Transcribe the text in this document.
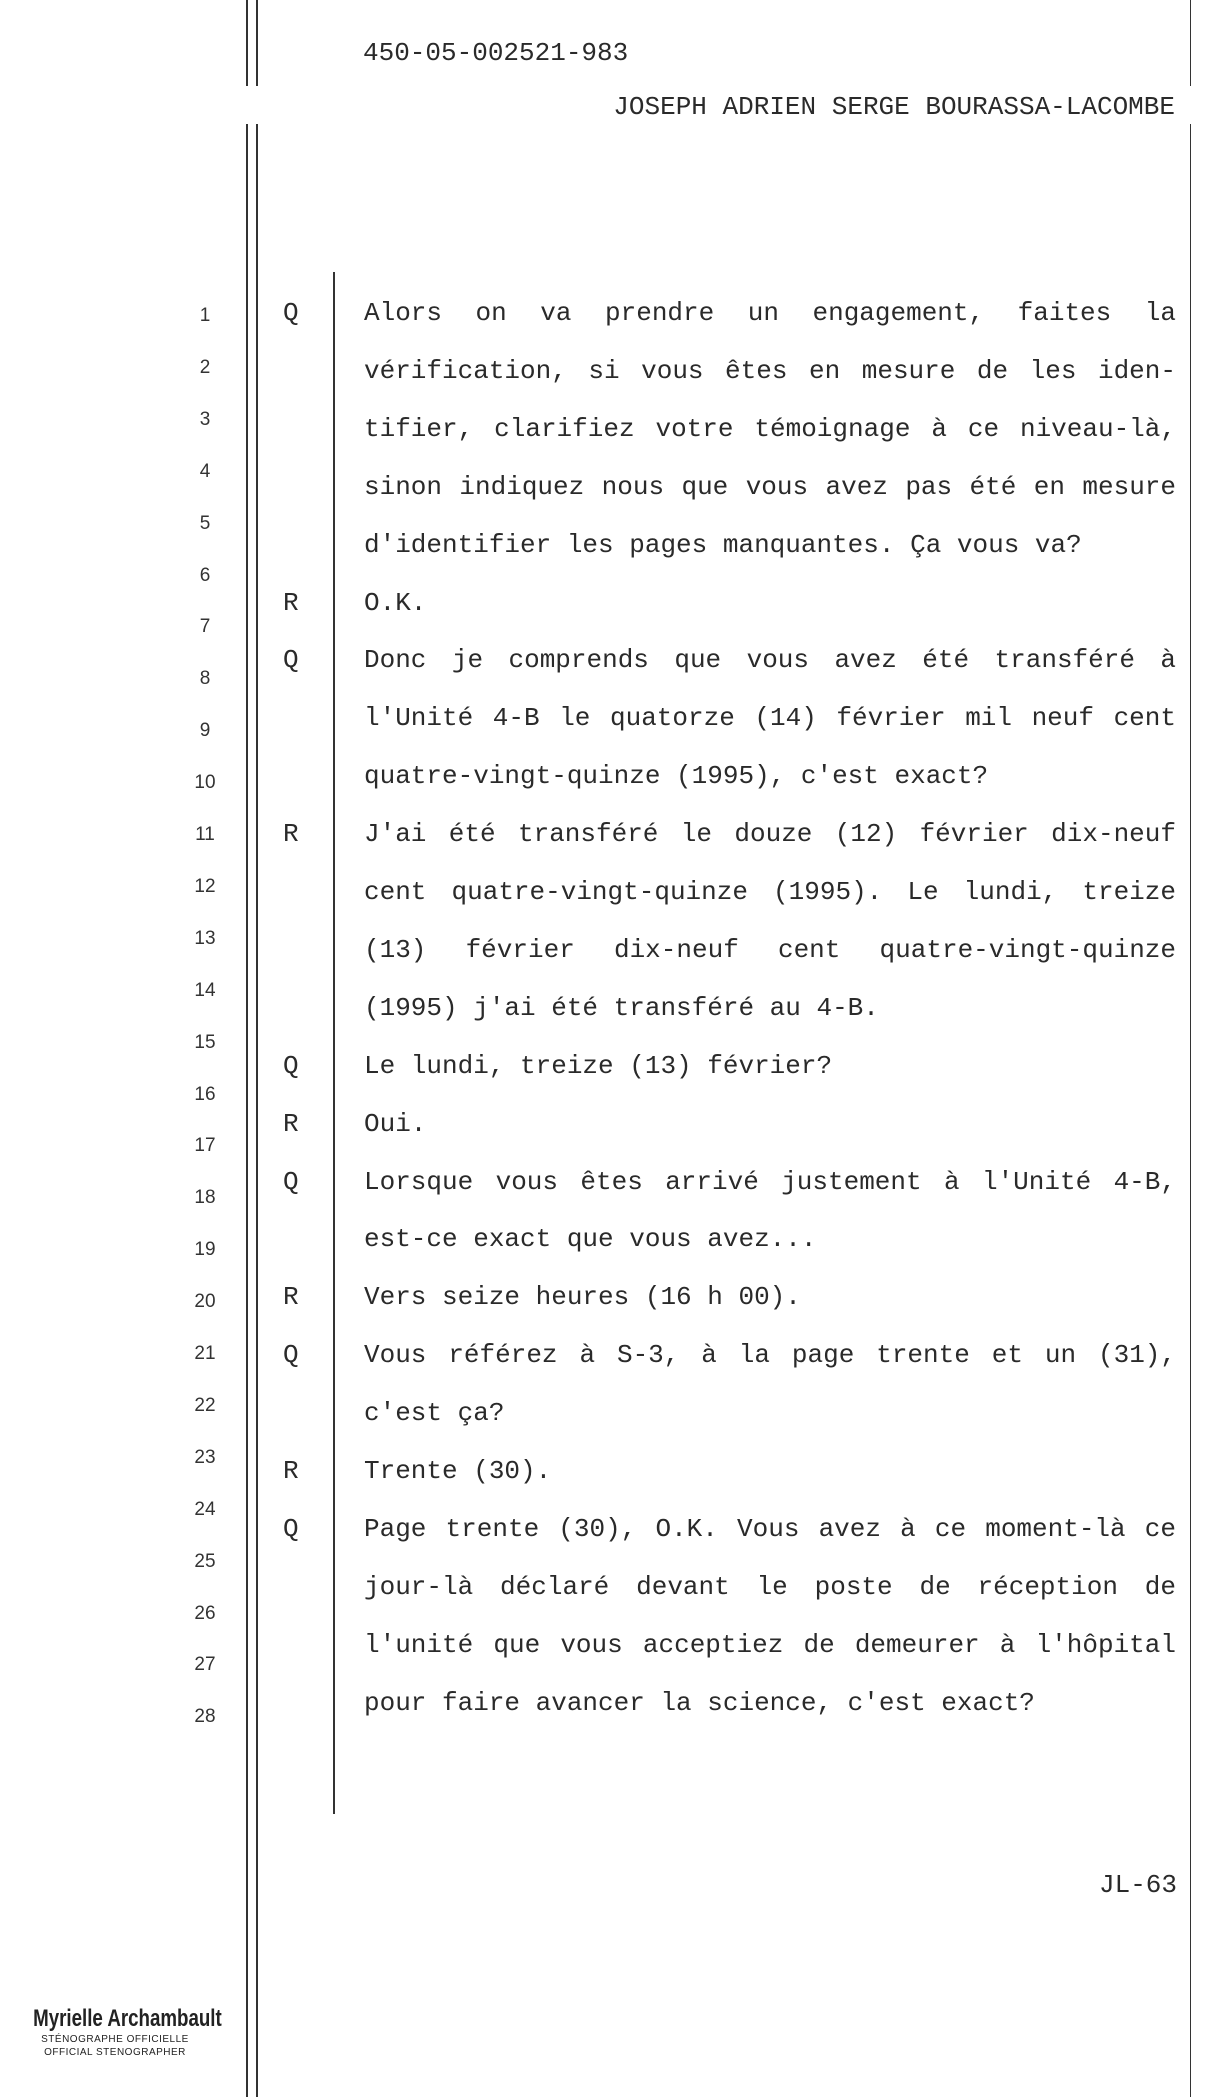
450-05-002521-983
JOSEPH ADRIEN SERGE BOURASSA-LACOMBE
1
2
3
4
5
6
7
8
9
10
11
12
13
14
15
16
17
18
19
20
21
22
23
24
25
26
27
28
Q	Alors on va prendre un engagement, faites la
vérification, si vous êtes en mesure de les iden-
tifier, clarifiez votre témoignage à ce niveau-là,
sinon indiquez nous que vous avez pas été en mesure
d'identifier les pages manquantes. Ça vous va?
R	O.K.
Q	Donc je comprends que vous avez été transféré à
l'Unité 4-B le quatorze (14) février mil neuf cent
quatre-vingt-quinze (1995), c'est exact?
R	J'ai été transféré le douze (12) février dix-neuf
cent quatre-vingt-quinze (1995). Le lundi, treize
(13) février dix-neuf cent quatre-vingt-quinze
(1995) j'ai été transféré au 4-B.
Q	Le lundi, treize (13) février?
R	Oui.
Q	Lorsque vous êtes arrivé justement à l'Unité 4-B,
est-ce exact que vous avez...
R	Vers seize heures (16 h 00).
Q	Vous référez à S-3, à la page trente et un (31),
c'est ça?
R	Trente (30).
Q	Page trente (30), O.K. Vous avez à ce moment-là ce
jour-là déclaré devant le poste de réception de
l'unité que vous acceptiez de demeurer à l'hôpital
pour faire avancer la science, c'est exact?
JL-63
Myrielle Archambault
STÉNOGRAPHE OFFICIELLE
OFFICIAL STENOGRAPHER
